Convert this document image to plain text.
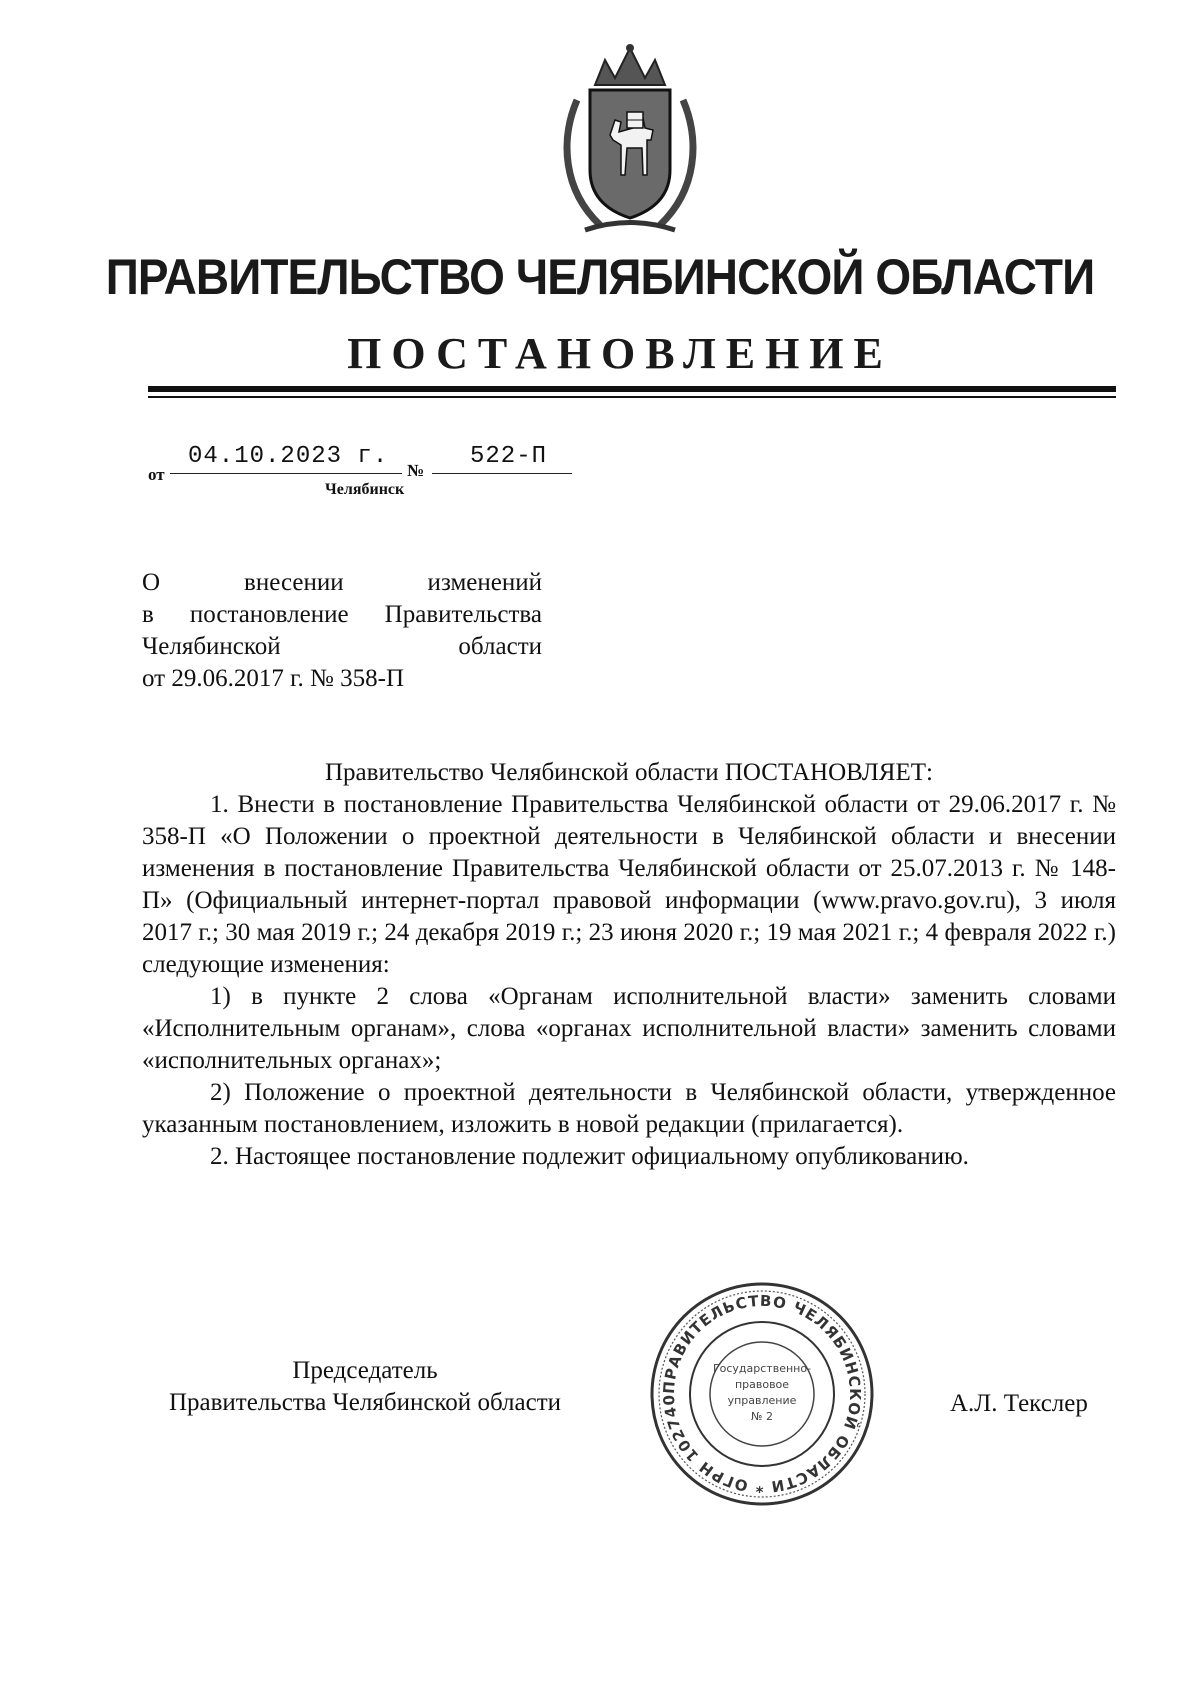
ПРАВИТЕЛЬСТВО ЧЕЛЯБИНСКОЙ ОБЛАСТИ
ПОСТАНОВЛЕНИЕ
от
04.10.2023 г.
№
522-П
Челябинск
О внесении изменений
в постановление Правительства
Челябинской области
от 29.06.2017 г. № 358-П
Правительство Челябинской области ПОСТАНОВЛЯЕТ:
1. Внести в постановление Правительства Челябинской области от 29.06.2017 г. № 358-П «О Положении о проектной деятельности в Челябинской области и внесении изменения в постановление Правительства Челябинской области от 25.07.2013 г. № 148-П» (Официальный интернет-портал правовой информации (www.pravo.gov.ru), 3 июля 2017 г.; 30 мая 2019 г.; 24 декабря 2019 г.; 23 июня 2020 г.; 19 мая 2021 г.; 4 февраля 2022 г.) следующие изменения:
1) в пункте 2 слова «Органам исполнительной власти» заменить словами «Исполнительным органам», слова «органах исполнительной власти» заменить словами «исполнительных органах»;
2) Положение о проектной деятельности в Челябинской области, утвержденное указанным постановлением, изложить в новой редакции (прилагается).
2. Настоящее постановление подлежит официальному опубликованию.
Председатель
Правительства Челябинской области	А.Л. Текслер
ПРАВИТЕЛЬСТВО ЧЕЛЯБИНСКОЙ ОБЛАСТИ * ОГРН 102740
Государственно-
правовое
управление
№ 2
